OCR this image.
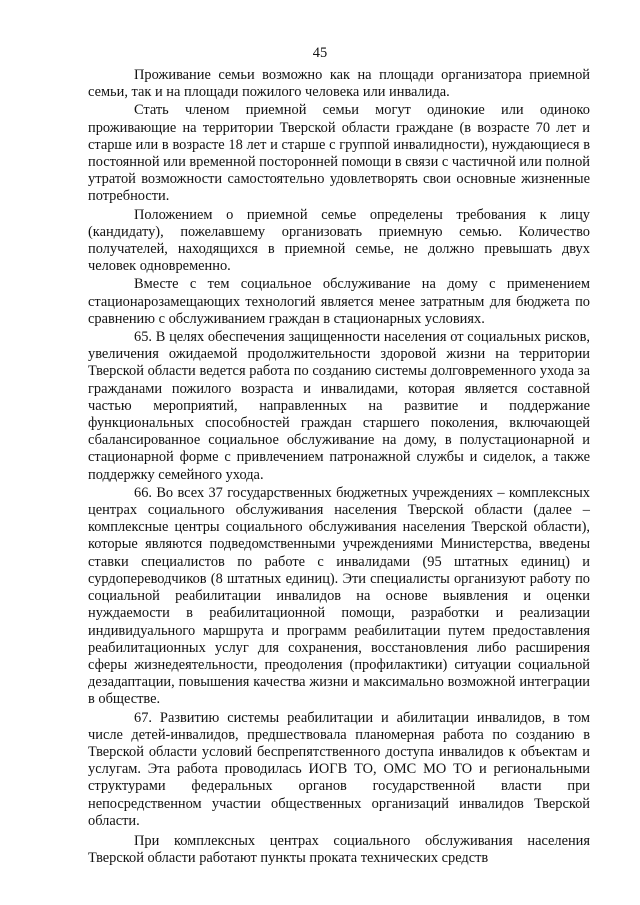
45

Проживание семьи возможно как на площади организатора приемной семьи, так и на площади пожилого человека или инвалида.

Стать членом приемной семьи могут одинокие или одиноко проживающие на территории Тверской области граждане (в возрасте 70 лет и старше или в возрасте 18 лет и старше с группой инвалидности), нуждающиеся в постоянной или временной посторонней помощи в связи с частичной или полной утратой возможности самостоятельно удовлетворять свои основные жизненные потребности.

Положением о приемной семье определены требования к лицу (кандидату), пожелавшему организовать приемную семью. Количество получателей, находящихся в приемной семье, не должно превышать двух человек одновременно.

Вместе с тем социальное обслуживание на дому с применением стационарозамещающих технологий является менее затратным для бюджета по сравнению с обслуживанием граждан в стационарных условиях.

65. В целях обеспечения защищенности населения от социальных рисков, увеличения ожидаемой продолжительности здоровой жизни на территории Тверской области ведется работа по созданию системы долговременного ухода за гражданами пожилого возраста и инвалидами, которая является составной частью мероприятий, направленных на развитие и поддержание функциональных способностей граждан старшего поколения, включающей сбалансированное социальное обслуживание на дому, в полустационарной и стационарной форме с привлечением патронажной службы и сиделок, а также поддержку семейного ухода.

66. Во всех 37 государственных бюджетных учреждениях – комплексных центрах социального обслуживания населения Тверской области (далее – комплексные центры социального обслуживания населения Тверской области), которые являются подведомственными учреждениями Министерства, введены ставки специалистов по работе с инвалидами (95 штатных единиц) и сурдопереводчиков (8 штатных единиц). Эти специалисты организуют работу по социальной реабилитации инвалидов на основе выявления и оценки нуждаемости в реабилитационной помощи, разработки и реализации индивидуального маршрута и программ реабилитации путем предоставления реабилитационных услуг для сохранения, восстановления либо расширения сферы жизнедеятельности, преодоления (профилактики) ситуации социальной дезадаптации, повышения качества жизни и максимально возможной интеграции в обществе.

67. Развитию системы реабилитации и абилитации инвалидов, в том числе детей-инвалидов, предшествовала планомерная работа по созданию в Тверской области условий беспрепятственного доступа инвалидов к объектам и услугам. Эта работа проводилась ИОГВ ТО, ОМС МО ТО и региональными структурами федеральных органов государственной власти при непосредственном участии общественных организаций инвалидов Тверской области.

При комплексных центрах социального обслуживания населения Тверской области работают пункты проката технических средств
